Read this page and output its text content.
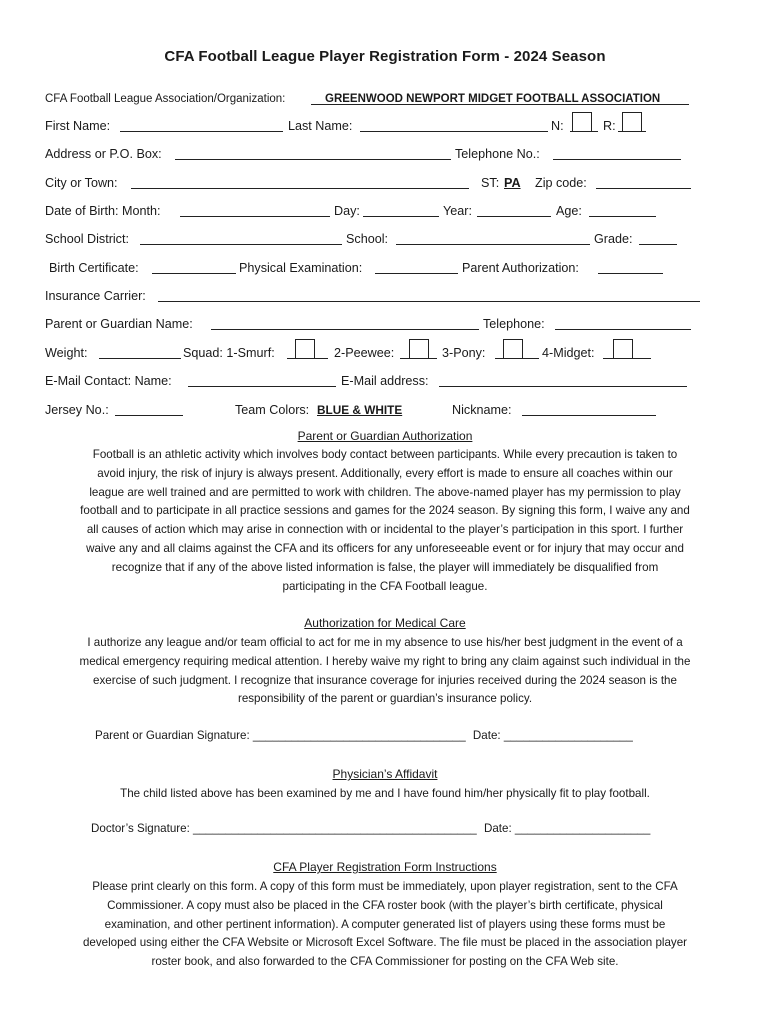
CFA Football League Player Registration Form - 2024 Season
CFA Football League Association/Organization:	GREENWOOD NEWPORT MIDGET FOOTBALL ASSOCIATION
First Name:	Last Name:	N:	R:
Address or P.O. Box:	Telephone No.:
City or Town:	ST: PA Zip code:
Date of Birth: Month:	Day:	Year:	Age:
School District:	School:	Grade:
Birth Certificate:	Physical Examination:	Parent Authorization:
Insurance Carrier:
Parent or Guardian Name:	Telephone:
Weight:	Squad: 1-Smurf:	2-Peewee:	3-Pony:	4-Midget:
E-Mail Contact: Name:	E-Mail address:
Jersey No.:	Team Colors: BLUE & WHITE	Nickname:
Parent or Guardian Authorization
Football is an athletic activity which involves body contact between participants. While every precaution is taken to
avoid injury, the risk of injury is always present. Additionally, every effort is made to ensure all coaches within our
league are well trained and are permitted to work with children. The above-named player has my permission to play
football and to participate in all practice sessions and games for the 2024 season. By signing this form, I waive any and
all causes of action which may arise in connection with or incidental to the player’s participation in this sport. I further
waive any and all claims against the CFA and its officers for any unforeseeable event or for injury that may occur and
recognize that if any of the above listed information is false, the player will immediately be disqualified from
participating in the CFA Football league.
Authorization for Medical Care
I authorize any league and/or team official to act for me in my absence to use his/her best judgment in the event of a
medical emergency requiring medical attention. I hereby waive my right to bring any claim against such individual in the
exercise of such judgment. I recognize that insurance coverage for injuries received during the 2024 season is the
responsibility of the parent or guardian’s insurance policy.
Parent or Guardian Signature: _________________________________ Date: ____________________
Physician’s Affidavit
The child listed above has been examined by me and I have found him/her physically fit to play football.
Doctor’s Signature: ____________________________________________ Date: _____________________
CFA Player Registration Form Instructions
Please print clearly on this form. A copy of this form must be immediately, upon player registration, sent to the CFA
Commissioner. A copy must also be placed in the CFA roster book (with the player’s birth certificate, physical
examination, and other pertinent information). A computer generated list of players using these forms must be
developed using either the CFA Website or Microsoft Excel Software. The file must be placed in the association player
roster book, and also forwarded to the CFA Commissioner for posting on the CFA Web site.
